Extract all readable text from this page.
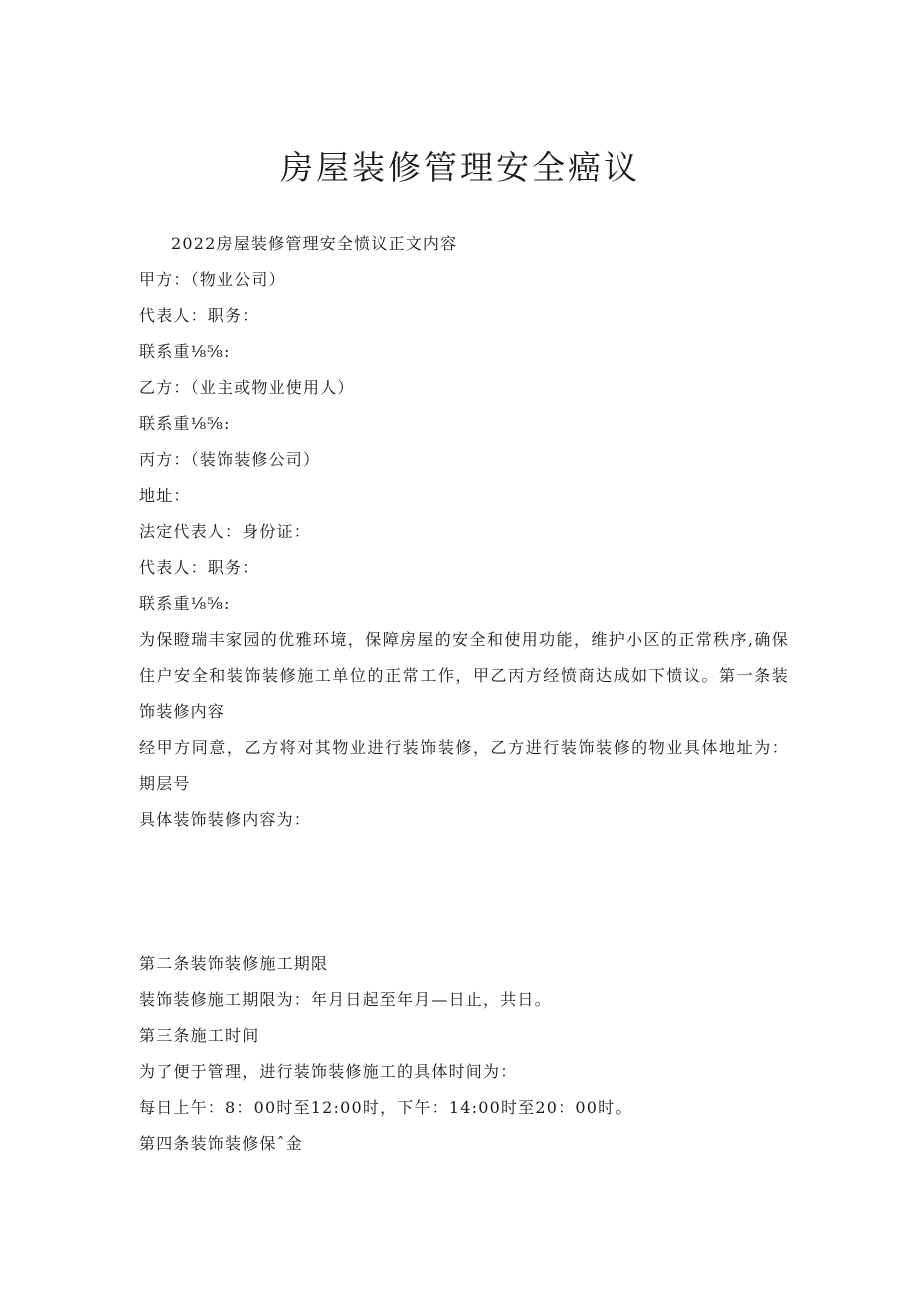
房屋装修管理安全癌议

2022房屋装修管理安全愤议正文内容

甲方：（物业公司）

代表人：职务：

联系重⅛⅝:

乙方：（业主或物业使用人）

联系重⅛⅝:

丙方：（装饰装修公司）

地址：

法定代表人：身份证：

代表人：职务：

联系重⅛⅝:

为保瞪瑞丰家园的优雅环境，保障房屋的安全和使用功能，维护小区的正常秩序,确保住户安全和装饰装修施工单位的正常工作，甲乙丙方经愤商达成如下愤议。第一条装饰装修内容

经甲方同意，乙方将对其物业进行装饰装修，乙方进行装饰装修的物业具体地址为：期层号

具体装饰装修内容为：

第二条装饰装修施工期限

装饰装修施工期限为：年月日起至年月—日止，共日。

第三条施工时间

为了便于管理，进行装饰装修施工的具体时间为：

每日上午：8：00时至12:00时，下午：14:00时至20：00时。

第四条装饰装修保ˆ金
